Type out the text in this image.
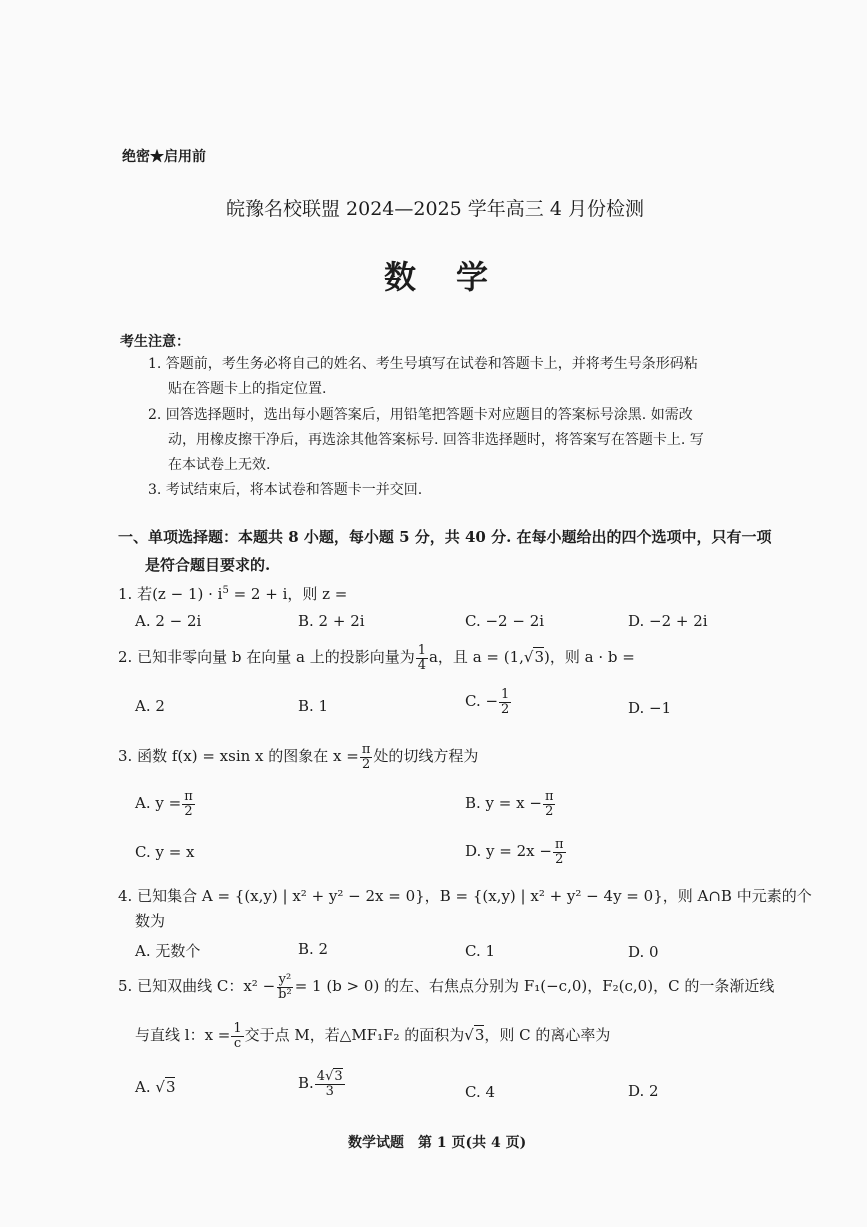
绝密★启用前
皖豫名校联盟 2024—2025 学年高三 4 月份检测
数　学
考生注意：
1. 答题前，考生务必将自己的姓名、考生号填写在试卷和答题卡上，并将考生号条形码粘
贴在答题卡上的指定位置.
2. 回答选择题时，选出每小题答案后，用铅笔把答题卡对应题目的答案标号涂黑. 如需改
动，用橡皮擦干净后，再选涂其他答案标号. 回答非选择题时，将答案写在答题卡上. 写
在本试卷上无效.
3. 考试结束后，将本试卷和答题卡一并交回.
一、单项选择题：本题共 8 小题，每小题 5 分，共 40 分. 在每小题给出的四个选项中，只有一项
是符合题目要求的.
1. 若$(z - 1) \cdot i^5 = 2 + i$，则 z =
A. 2 − 2i	B. 2 + 2i	C. −2 − 2i	D. −2 + 2i
2. 已知非零向量 b 在向量 a 上的投影向量为 $\frac{1}{4}$ a，且 a = (1,√3)，则 a · b =
A. 2	B. 1	C. − $\frac{1}{2}$	D. −1
3. 函数 f(x) = xsin x 的图象在 $x = \frac{\pi}{2}$ 处的切线方程为
A. $y = \frac{\pi}{2}$	B. $y = x - \frac{\pi}{2}$
C. y = x	D. $y = 2x - \frac{\pi}{2}$
4. 已知集合 A = {(x,y) | x² + y² − 2x = 0}，B = {(x,y) | x² + y² − 4y = 0}，则 A∩B 中元素的个
数为
A. 无数个	B. 2	C. 1	D. 0
5. 已知双曲线 C：$x^2 - \frac{\text{y²}}{\text{b²}} = 1$ (b > 0) 的左、右焦点分别为 F₁(−c,0)，F₂(c,0)，C 的一条渐近线
与直线 l：$x = \frac{1}{c}$ 交于点 M，若△MF₁F₂ 的面积为√3，则 C 的离心率为
A. √3	B. $\frac{4√3}{3}$	C. 4	D. 2
数学试题　第 1 页(共 4 页)
